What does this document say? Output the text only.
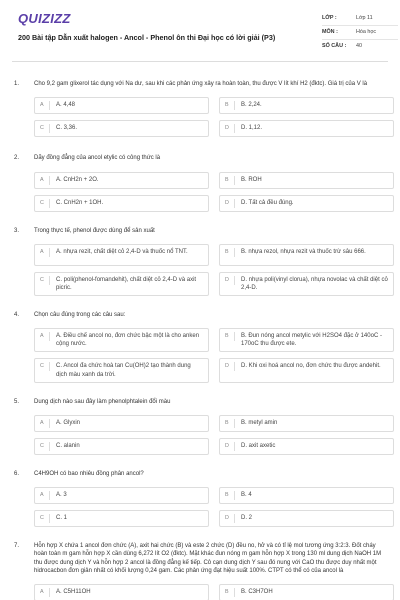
QUIZIZZ
200 Bài tập Dẫn xuất halogen - Ancol - Phenol ôn thi Đại học có lời giải (P3)
LỚP :	Lớp 11
MÔN :	Hóa học
SỐ CÂU :	40
1. Cho 9,2 gam glixerol tác dụng với Na dư, sau khi các phản ứng xảy ra hoàn toàn, thu được V lít khí H2 (đktc). Giá trị của V là
A	A. 4,48	B	B. 2,24.
C	C. 3,36.	D	D. 1,12.
2. Dãy đồng đẳng của ancol etylic có công thức là
A	A. CnH2n + 2O.	B	B. ROH
C	C. CnH2n + 1OH.	D	D. Tất cả đều đúng.
3. Trong thực tế, phenol được dùng để sản xuất
A	A. nhựa rezit, chất diệt cỏ 2,4-D và thuốc nổ TNT.	B	B. nhựa rezol, nhựa rezit và thuốc trừ sâu 666.
C	C. poli(phenol-fomandehit), chất diệt cỏ 2,4-D và axit picric.
D	D. nhựa poli(vinyl clorua), nhựa novolac và chất diệt cỏ 2,4-D.
4. Chọn câu đúng trong các câu sau:
A	A. Điều chế ancol no, đơn chức bậc một là cho anken cộng nước.
B	B. Đun nóng ancol metylic với H2SO4 đặc ở 140oC - 170oC thu được ete.
C	C. Ancol đa chức hoà tan Cu(OH)2 tạo thành dung dịch màu xanh da trời.
D	D. Khi oxi hoá ancol no, đơn chức thu được andehit.
5. Dung dịch nào sau đây làm phenolphtalein đổi màu
A	A. Glyxin	B	B. metyl amin
C	C. alanin	D	D. axit axetic
6. C4H9OH có bao nhiêu đồng phân ancol?
A	A. 3	B	B. 4
C	C. 1	D	D. 2
7. Hỗn hợp X chứa 1 ancol đơn chức (A), axit hai chức (B) và este 2 chức (D) đều no, hở và có tỉ lệ mol tương ứng 3:2:3. Đốt cháy hoàn toàn m gam hỗn hợp X cần dùng 6,272 lít O2 (đktc). Mặt khác đun nóng m gam hỗn hợp X trong 130 ml dung dịch NaOH 1M thu được dung dịch Y và hỗn hợp 2 ancol là đồng đẳng kế tiếp. Cô cạn dung dịch Y sau đó nung với CaO thu được duy nhất một hidrocacbon đơn giản nhất có khối lượng 0,24 gam. Các phản ứng đạt hiệu suất 100%. CTPT có thể có của ancol là
A	A. C5H11OH	B	B. C3H7OH
